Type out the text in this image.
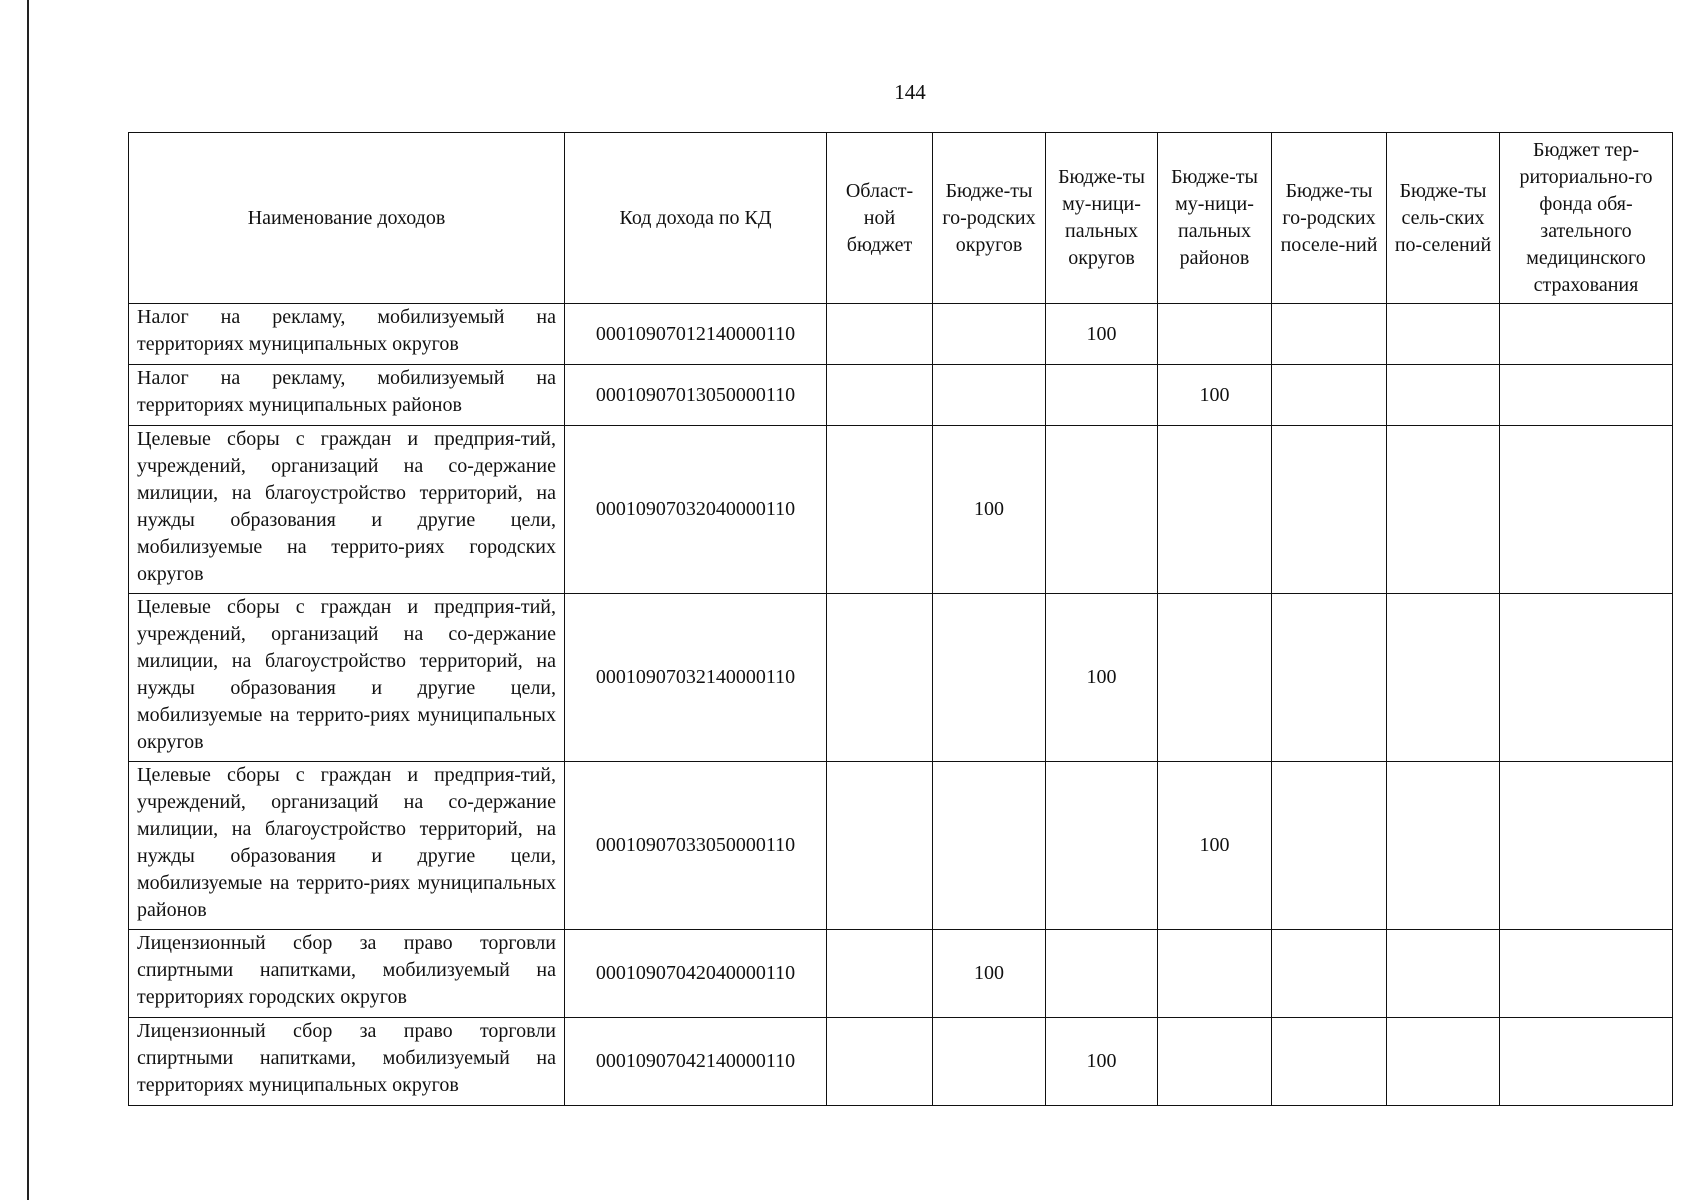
144
Наименование доходов	Код дохода по КД	Област-ной бюджет	Бюдже-ты го-родских округов	Бюдже-ты му-ници-пальных округов	Бюдже-ты му-ници-пальных районов	Бюдже-ты го-родских поселе-ний	Бюдже-ты сель-ских по-селений	Бюджет тер-риториально-го фонда обя-зательного медицинского страхования
Налог на рекламу, мобилизуемый на территориях муниципальных округов	00010907012140000110			100				
Налог на рекламу, мобилизуемый на территориях муниципальных районов	00010907013050000110				100			
Целевые сборы с граждан и предприя-тий, учреждений, организаций на со-держание милиции, на благоустройство территорий, на нужды образования и другие цели, мобилизуемые на террито-риях городских округов	00010907032040000110		100					
Целевые сборы с граждан и предприя-тий, учреждений, организаций на со-держание милиции, на благоустройство территорий, на нужды образования и другие цели, мобилизуемые на террито-риях муниципальных округов	00010907032140000110			100				
Целевые сборы с граждан и предприя-тий, учреждений, организаций на со-держание милиции, на благоустройство территорий, на нужды образования и другие цели, мобилизуемые на террито-риях муниципальных районов	00010907033050000110				100			
Лицензионный сбор за право торговли спиртными напитками, мобилизуемый на территориях городских округов	00010907042040000110		100					
Лицензионный сбор за право торговли спиртными напитками, мобилизуемый на территориях муниципальных округов	00010907042140000110			100				
